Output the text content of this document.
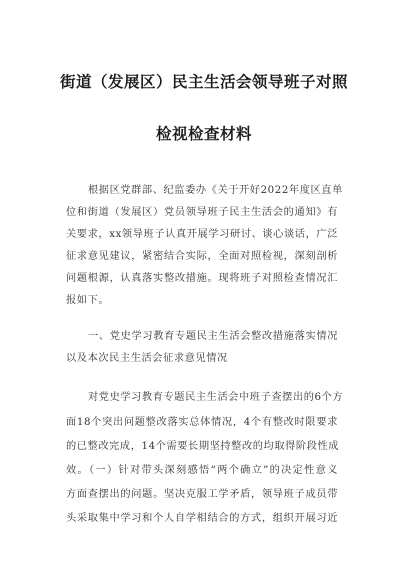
街道（发展区）民主生活会领导班子对照
检视检查材料
根据区党群部、纪监委办《关于开好2022年度区直单
位和街道（发展区）党员领导班子民主生活会的通知》有
关要求，xx领导班子认真开展学习研讨、谈心谈话，广泛
征求意见建议，紧密结合实际，全面对照检视，深刻剖析
问题根源，认真落实整改措施。现将班子对照检查情况汇
报如下。
一、党史学习教育专题民主生活会整改措施落实情况
以及本次民主生活会征求意见情况
对党史学习教育专题民主生活会中班子查摆出的6个方
面18个突出问题整改落实总体情况，4个有整改时限要求
的已整改完成，14个需要长期坚持整改的均取得阶段性成
效。（一）针对带头深刻感悟“两个确立”的决定性意义
方面查摆出的问题。坚决克服工学矛盾，领导班子成员带
头采取集中学习和个人自学相结合的方式，组织开展习近
